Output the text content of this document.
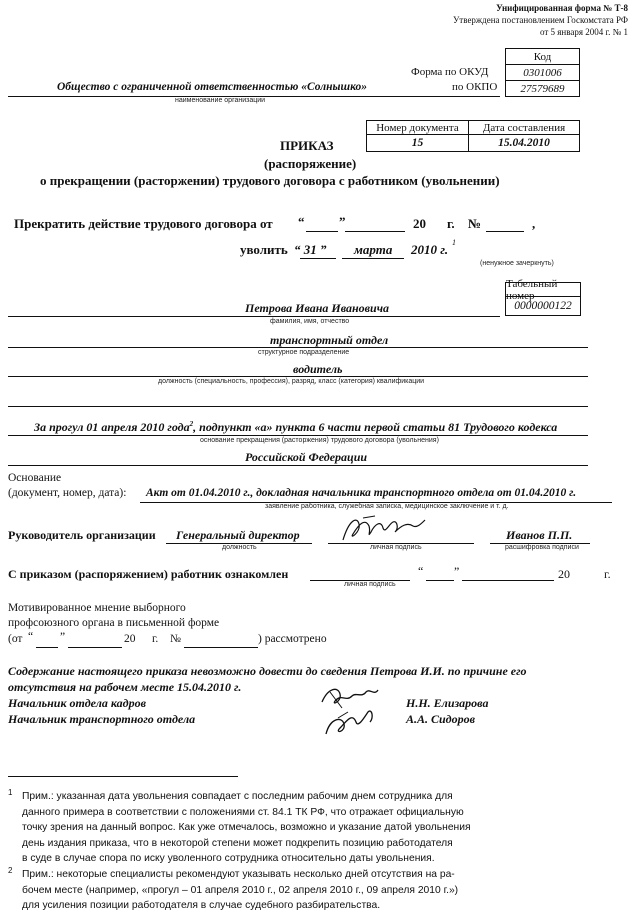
Унифицированная форма № Т-8
Утверждена постановлением Госкомстата РФ
от 5 января 2004 г. № 1
Код
Форма по ОКУД	0301006
по ОКПО	27579689
Общество с ограниченной ответственностью «Солнышко»
наименование организации
Номер документа	Дата составления
15	15.04.2010
ПРИКАЗ
(распоряжение)
о прекращении (расторжении) трудового договора с работником (увольнении)
Прекратить действие трудового договора от “	”	20 г. №	,
уволить “ 31 ” марта 2010 г. 1
(ненужное зачеркнуть)
Табельный номер
0000000122
Петрова Ивана Ивановича
фамилия, имя, отчество
транспортный отдел
структурное подразделение
водитель
должность (специальность, профессия), разряд, класс (категория) квалификации
За прогул 01 апреля 2010 года$^2$, подпункт «а» пункта 6 части первой статьи 81 Трудового кодекса
основание прекращения (расторжения) трудового договора (увольнения)
Российской Федерации
Основание
(документ, номер, дата): Акт от 01.04.2010 г., докладная начальника транспортного отдела от 01.04.2010 г.
заявление работника, служебная записка, медицинское заключение и т. д.
Руководитель организации Генеральный директор
должность	личная подпись
Иванов П.П.
расшифровка подписи
С приказом (распоряжением) работник ознакомлен
личная подпись
“	”	20	г.
Мотивированное мнение выборного
профсоюзного органа в письменной форме
(от “ ”	20 г. №	) рассмотрено
Содержание настоящего приказа невозможно довести до сведения Петрова И.И. по причине его
отсутствия на рабочем месте 15.04.2010 г.
Начальник отдела кадров
Начальник транспортного отдела
Н.Н. Елизарова
А.А. Сидоров
1 Прим.: указанная дата увольнения совпадает с последним рабочим днем сотрудника для
данного примера в соответствии с положениями ст. 84.1 ТК РФ, что отражает официальную
точку зрения на данный вопрос. Как уже отмечалось, возможно и указание датой увольнения
день издания приказа, что в некоторой степени может подкрепить позицию работодателя
в суде в случае спора по иску уволенного сотрудника относительно даты увольнения.
2 Прим.: некоторые специалисты рекомендуют указывать несколько дней отсутствия на ра-
бочем месте (например, «прогул – 01 апреля 2010 г., 02 апреля 2010 г., 09 апреля 2010 г.»)
для усиления позиции работодателя в случае судебного разбирательства.
